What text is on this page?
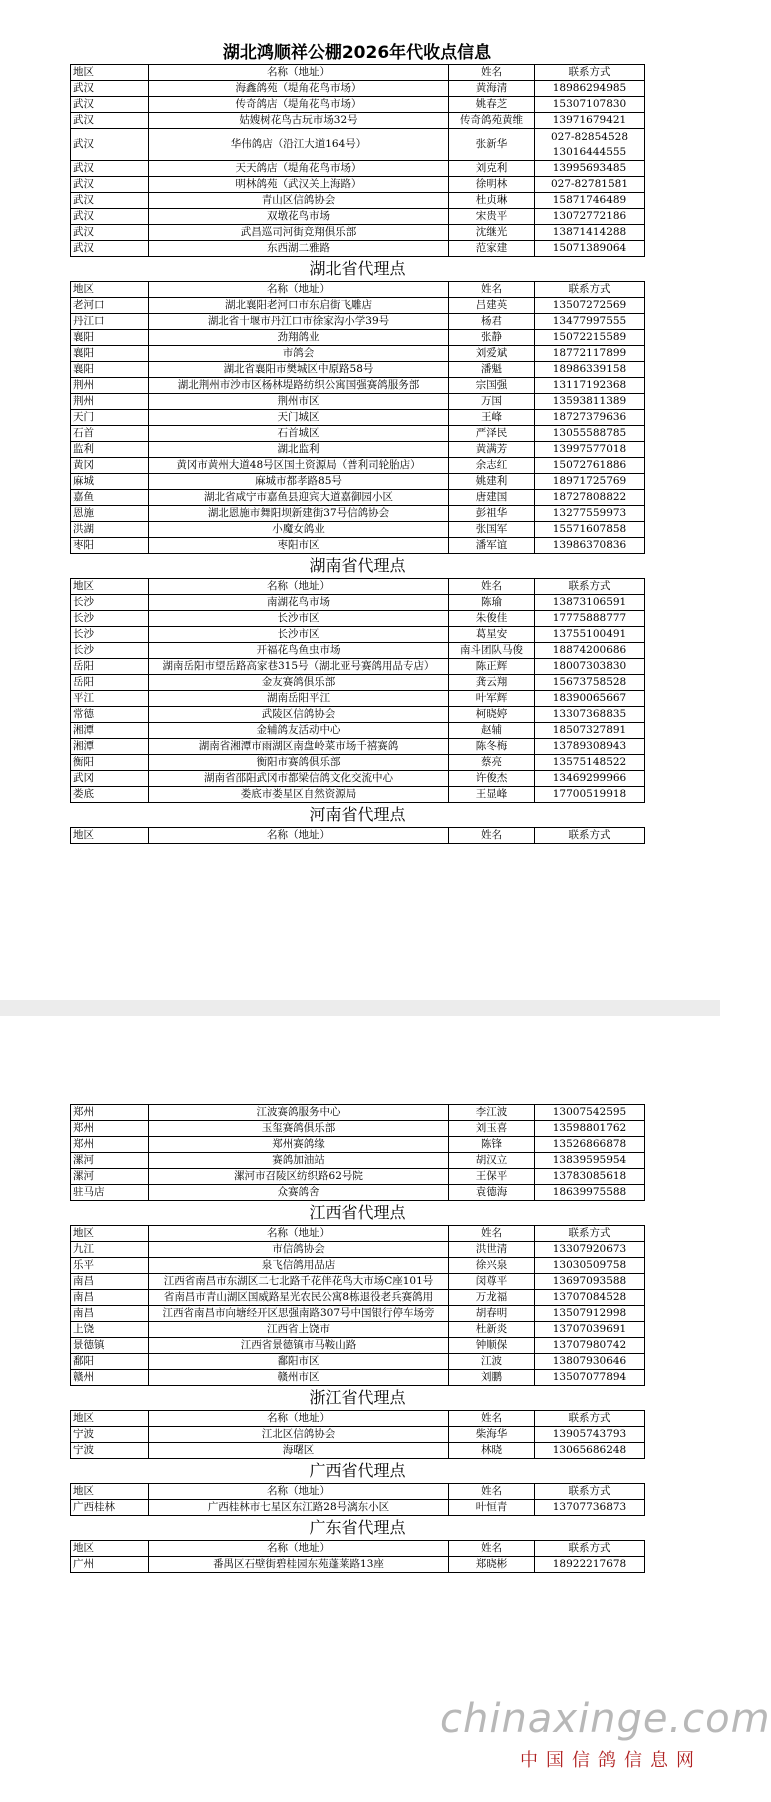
湖北鸿顺祥公棚2026年代收点信息
地区	名称（地址）	姓名	联系方式
武汉	海鑫鸽苑（堤角花鸟市场）	黄海清	18986294985
武汉	传奇鸽店（堤角花鸟市场）	姚春芝	15307107830
武汉	姑嫂树花鸟古玩市场32号	传奇鸽苑黄维	13971679421
武汉	华伟鸽店（沿江大道164号）	张新华	027-82854528
13016444555

武汉	天天鸽店（堤角花鸟市场）	刘克利	13995693485
武汉	明林鸽苑（武汉关上海路）	徐明林	027-82781581
武汉	青山区信鸽协会	杜贞琳	15871746489
武汉	双墩花鸟市场	宋贵平	13072772186
武汉	武昌巡司河街竞翔俱乐部	沈继光	13871414288
武汉	东西湖二雅路	范家建	15071389064
湖北省代理点			
地区	名称（地址）	姓名	联系方式
老河口	湖北襄阳老河口市东启街飞雕店	吕建英	13507272569
丹江口	湖北省十堰市丹江口市徐家沟小学39号	杨君	13477997555
襄阳	劲翔鸽业	张静	15072215589
襄阳	市鸽会	刘爱斌	18772117899
襄阳	湖北省襄阳市樊城区中原路58号	潘魁	18986339158
荆州	湖北荆州市沙市区杨林堤路纺织公寓国强赛鸽服务部	宗国强	13117192368
荆州	荆州市区	万国	13593811389
天门	天门城区	王峰	18727379636
石首	石首城区	严泽民	13055588785
监利	湖北监利	黄满芳	13997577018
黄冈	黄冈市黄州大道48号区国土资源局（普利司轮胎店）	余志红	15072761886
麻城	麻城市都孝路85号	姚建利	18971725769
嘉鱼	湖北省咸宁市嘉鱼县迎宾大道嘉御园小区	唐建国	18727808822
恩施	湖北恩施市舞阳坝新建街37号信鸽协会	彭祖华	13277559973
洪湖	小魔女鸽业	张国军	15571607858
枣阳	枣阳市区	潘军谊	13986370836
湖南省代理点			
地区	名称（地址）	姓名	联系方式
长沙	南湖花鸟市场	陈瑜	13873106591
长沙	长沙市区	朱俊佳	17775888777
长沙	长沙市区	葛星安	13755100491
长沙	开福花鸟鱼虫市场	南斗团队马俊	18874200686
岳阳	湖南岳阳市望岳路高家巷315号（湖北亚号赛鸽用品专店）	陈正辉	18007303830
岳阳	金友赛鸽俱乐部	龚云翔	15673758528
平江	湖南岳阳平江	叶军辉	18390065667
常德	武陵区信鸽协会	柯晓婷	13307368835
湘潭	金辅鸽友活动中心	赵辅	18507327891
湘潭	湖南省湘潭市雨湖区南盘岭菜市场千禧赛鸽	陈冬梅	13789308943
衡阳	衡阳市赛鸽俱乐部	蔡亮	13575148522
武冈	湖南省邵阳武冈市都梁信鸽文化交流中心	许俊杰	13469299966
娄底	娄底市娄星区自然资源局	王显峰	17700519918
河南省代理点			
地区	名称（地址）	姓名	联系方式
郑州	江波赛鸽服务中心	李江波	13007542595
郑州	玉玺赛鸽俱乐部	刘玉喜	13598801762
郑州	郑州赛鸽缘	陈锋	13526866878
漯河	赛鸽加油站	胡汉立	13839595954
漯河	漯河市召陵区纺织路62号院	王保平	13783085618
驻马店	众赛鸽舍	袁德海	18639975588
江西省代理点			
地区	名称（地址）	姓名	联系方式
九江	市信鸽协会	洪世清	13307920673
乐平	泉飞信鸽用品店	徐兴泉	13030509758
南昌	江西省南昌市东湖区二七北路千花伴花鸟大市场C座101号	闵尊平	13697093588
南昌	省南昌市青山湖区国威路星光农民公寓8栋退役老兵赛鸽用	万龙福	13707084528
南昌	江西省南昌市向塘经开区思强南路307号中国银行停车场旁	胡春明	13507912998
上饶	江西省上饶市	杜新炎	13707039691
景德镇	江西省景德镇市马鞍山路	钟顺保	13707980742
鄱阳	鄱阳市区	江波	13807930646
赣州	赣州市区	刘鹏	13507077894
浙江省代理点			
地区	名称（地址）	姓名	联系方式
宁波	江北区信鸽协会	柴海华	13905743793
宁波	海曙区	林晓	13065686248
广西省代理点			
地区	名称（地址）	姓名	联系方式
广西桂林	广西桂林市七星区东江路28号漓东小区	叶恒青	13707736873
广东省代理点			
地区	名称（地址）	姓名	联系方式
广州	番禺区石壁街碧桂园东苑蓬莱路13座	郑晓彬	18922217678
chinaxinge.com
中国信鸽信息网
